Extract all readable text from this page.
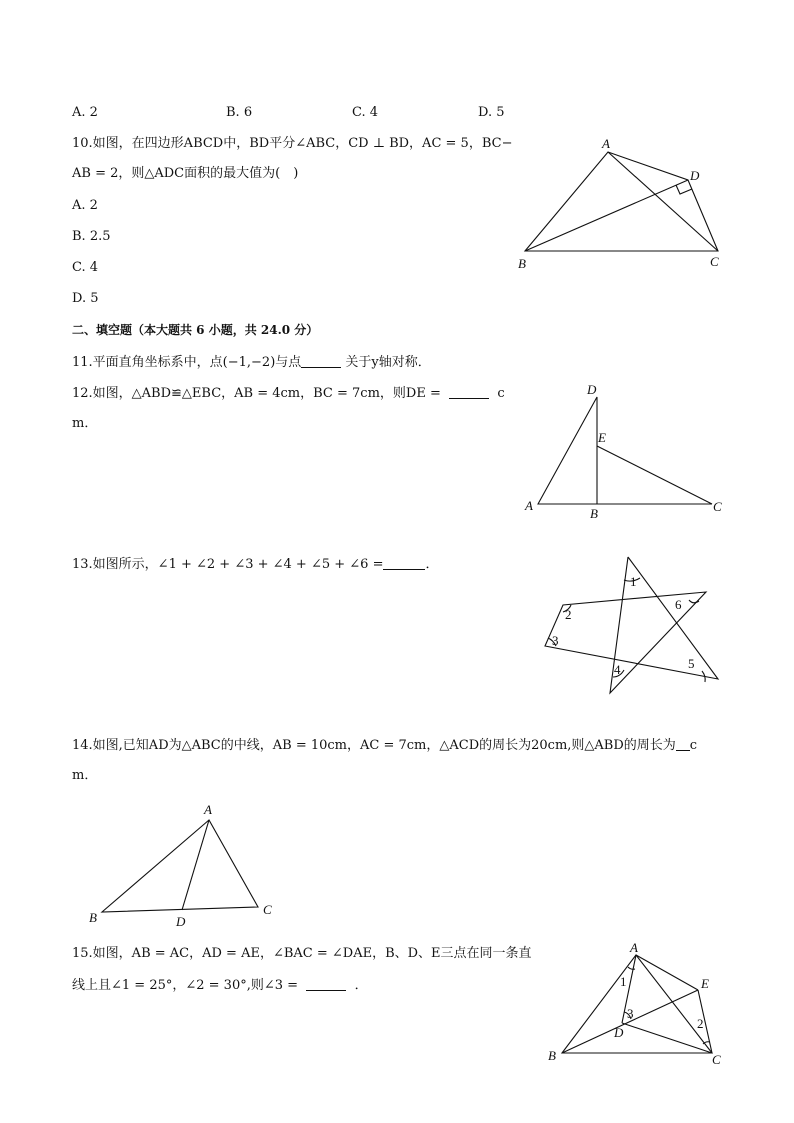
A. 2	B. 6	C. 4	D. 5
10.如图，在四边形ABCD中，BD平分∠ABC，CD ⊥ BD，AC = 5，BC−
AB = 2，则△ADC面积的最大值为(　)
A. 2
B. 2.5
C. 4
D. 5
A
D
B	C
二、填空题（本大题共 6 小题，共 24.0 分）
11.平面直角坐标系中，点(−1,−2)与点	关于y轴对称．
12.如图，△ABD≌△EBC，AB = 4cm，BC = 7cm，则DE =	c
m．
D
E
A
B	C
13.如图所示，∠1 + ∠2 + ∠3 + ∠4 + ∠5 + ∠6 =	．
1
2
3
4	5
6
14.如图,已知AD为△ABC的中线，AB = 10cm，AC = 7cm，△ACD的周长为20cm,则△ABD的周长为 c
m．
A
B	D
C
15.如图，AB = AC，AD = AE，∠BAC = ∠DAE，B、D、E三点在同一条直
线上且∠1 = 25°，∠2 = 30°,则∠3 =	．
A
E
D
B	C
1
3
2
